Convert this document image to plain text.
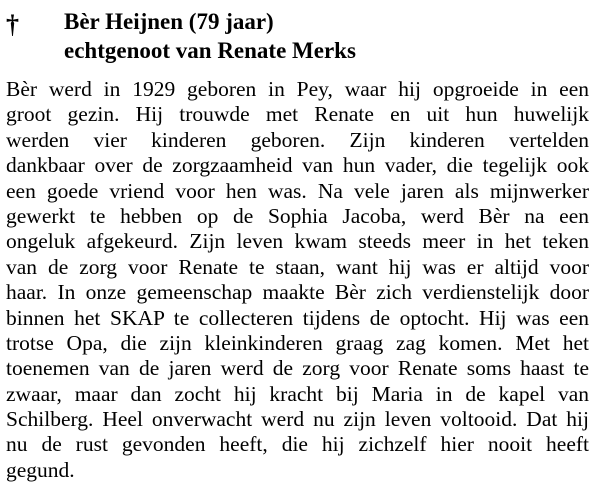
† Bèr Heijnen (79 jaar)
echtgenoot van Renate Merks
Bèr werd in 1929 geboren in Pey, waar hij opgroeide in een
groot gezin. Hij trouwde met Renate en uit hun huwelijk
werden vier kinderen geboren. Zijn kinderen vertelden
dankbaar over de zorgzaamheid van hun vader, die tegelijk ook
een goede vriend voor hen was. Na vele jaren als mijnwerker
gewerkt te hebben op de Sophia Jacoba, werd Bèr na een
ongeluk afgekeurd. Zijn leven kwam steeds meer in het teken
van de zorg voor Renate te staan, want hij was er altijd voor
haar. In onze gemeenschap maakte Bèr zich verdienstelijk door
binnen het SKAP te collecteren tijdens de optocht. Hij was een
trotse Opa, die zijn kleinkinderen graag zag komen. Met het
toenemen van de jaren werd de zorg voor Renate soms haast te
zwaar, maar dan zocht hij kracht bij Maria in de kapel van
Schilberg. Heel onverwacht werd nu zijn leven voltooid. Dat hij
nu de rust gevonden heeft, die hij zichzelf hier nooit heeft
gegund.
